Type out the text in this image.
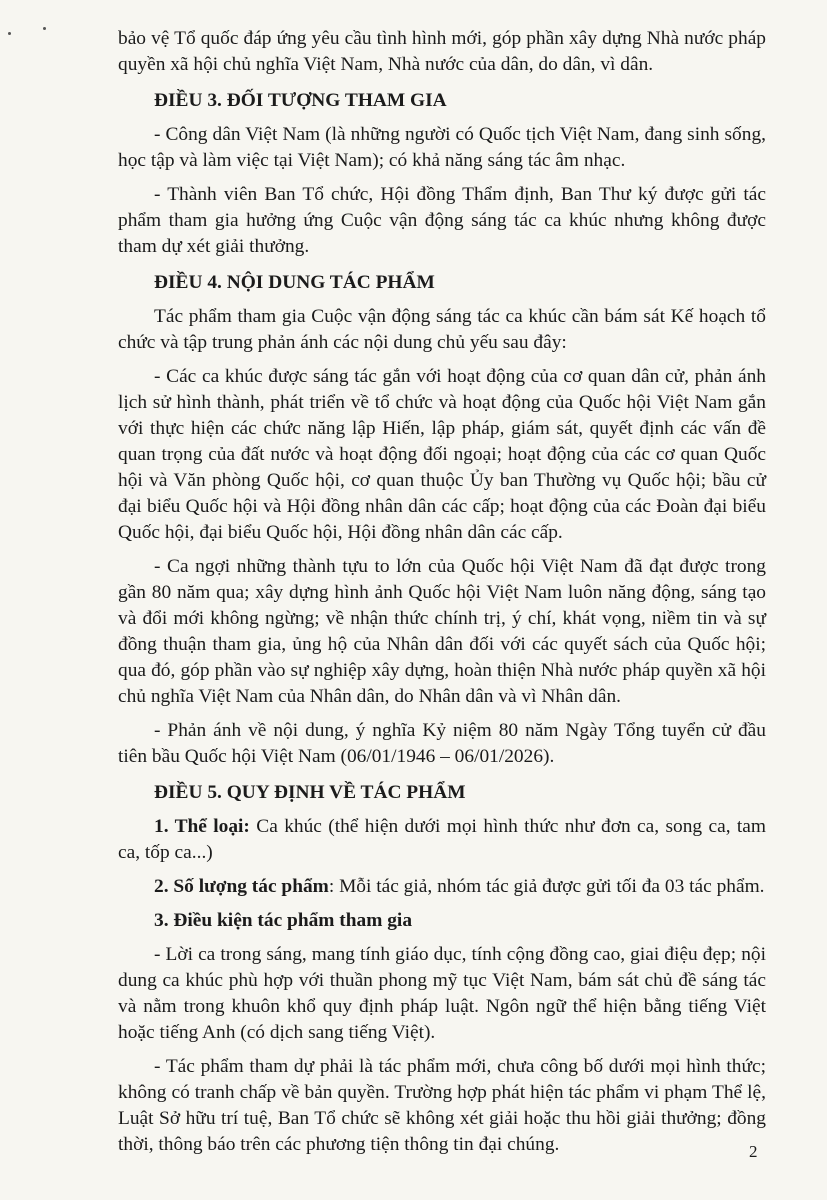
bảo vệ Tổ quốc đáp ứng yêu cầu tình hình mới, góp phần xây dựng Nhà nước pháp quyền xã hội chủ nghĩa Việt Nam, Nhà nước của dân, do dân, vì dân.

ĐIỀU 3. ĐỐI TƯỢNG THAM GIA

- Công dân Việt Nam (là những người có Quốc tịch Việt Nam, đang sinh sống, học tập và làm việc tại Việt Nam); có khả năng sáng tác âm nhạc.

- Thành viên Ban Tổ chức, Hội đồng Thẩm định, Ban Thư ký được gửi tác phẩm tham gia hưởng ứng Cuộc vận động sáng tác ca khúc nhưng không được tham dự xét giải thưởng.

ĐIỀU 4. NỘI DUNG TÁC PHẨM

Tác phẩm tham gia Cuộc vận động sáng tác ca khúc cần bám sát Kế hoạch tổ chức và tập trung phản ánh các nội dung chủ yếu sau đây:

- Các ca khúc được sáng tác gắn với hoạt động của cơ quan dân cử, phản ánh lịch sử hình thành, phát triển về tổ chức và hoạt động của Quốc hội Việt Nam gắn với thực hiện các chức năng lập Hiến, lập pháp, giám sát, quyết định các vấn đề quan trọng của đất nước và hoạt động đối ngoại; hoạt động của các cơ quan Quốc hội và Văn phòng Quốc hội, cơ quan thuộc Ủy ban Thường vụ Quốc hội; bầu cử đại biểu Quốc hội và Hội đồng nhân dân các cấp; hoạt động của các Đoàn đại biểu Quốc hội, đại biểu Quốc hội, Hội đồng nhân dân các cấp.

- Ca ngợi những thành tựu to lớn của Quốc hội Việt Nam đã đạt được trong gần 80 năm qua; xây dựng hình ảnh Quốc hội Việt Nam luôn năng động, sáng tạo và đổi mới không ngừng; về nhận thức chính trị, ý chí, khát vọng, niềm tin và sự đồng thuận tham gia, ủng hộ của Nhân dân đối với các quyết sách của Quốc hội; qua đó, góp phần vào sự nghiệp xây dựng, hoàn thiện Nhà nước pháp quyền xã hội chủ nghĩa Việt Nam của Nhân dân, do Nhân dân và vì Nhân dân.

- Phản ánh về nội dung, ý nghĩa Kỷ niệm 80 năm Ngày Tổng tuyển cử đầu tiên bầu Quốc hội Việt Nam (06/01/1946 – 06/01/2026).

ĐIỀU 5. QUY ĐỊNH VỀ TÁC PHẨM

1. Thể loại: Ca khúc (thể hiện dưới mọi hình thức như đơn ca, song ca, tam ca, tốp ca...)

2. Số lượng tác phẩm: Mỗi tác giả, nhóm tác giả được gửi tối đa 03 tác phẩm.

3. Điều kiện tác phẩm tham gia

- Lời ca trong sáng, mang tính giáo dục, tính cộng đồng cao, giai điệu đẹp; nội dung ca khúc phù hợp với thuần phong mỹ tục Việt Nam, bám sát chủ đề sáng tác và nằm trong khuôn khổ quy định pháp luật. Ngôn ngữ thể hiện bằng tiếng Việt hoặc tiếng Anh (có dịch sang tiếng Việt).

- Tác phẩm tham dự phải là tác phẩm mới, chưa công bố dưới mọi hình thức; không có tranh chấp về bản quyền. Trường hợp phát hiện tác phẩm vi phạm Thể lệ, Luật Sở hữu trí tuệ, Ban Tổ chức sẽ không xét giải hoặc thu hồi giải thưởng; đồng thời, thông báo trên các phương tiện thông tin đại chúng.	2
